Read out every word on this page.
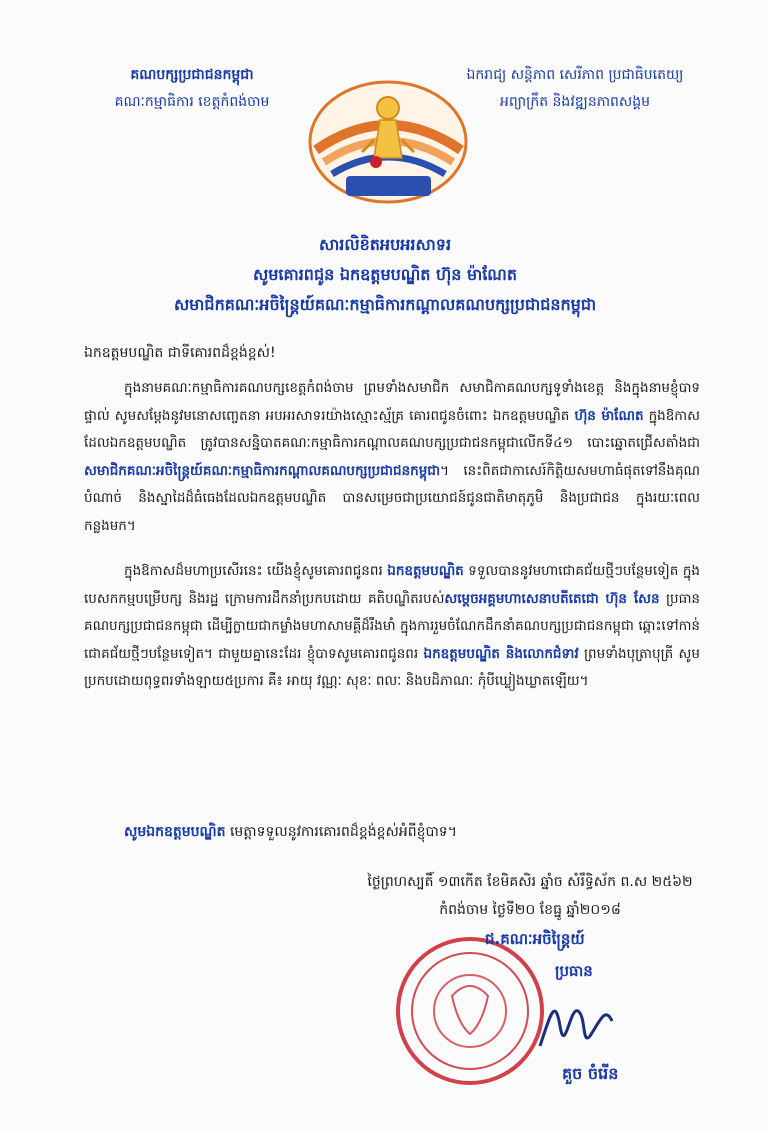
គណបក្សប្រជាជនកម្ពុជា
គណៈកម្មាធិការ ខេត្តកំពង់ចាម
ឯករាជ្យ សន្តិភាព សេរីភាព ប្រជាធិបតេយ្យ
អព្យាក្រឹត និងវឌ្ឍនភាពសង្គម
សារលិខិតអបអរសាទរ
សូមគោរពជូន ឯកឧត្តមបណ្ឌិត ហ៊ុន ម៉ាណែត
សមាជិកគណៈអចិន្ត្រៃយ៍គណៈកម្មាធិការកណ្តាលគណបក្សប្រជាជនកម្ពុជា
ឯកឧត្តមបណ្ឌិត ជាទីគោរពដ៏ខ្ពង់ខ្ពស់!

ក្នុងនាមគណៈកម្មាធិការគណបក្សខេត្តកំពង់ចាម ព្រមទាំងសមាជិក សមាជិកាគណបក្សទូទាំងខេត្ត និងក្នុងនាមខ្ញុំបាទផ្ទាល់ សូមសម្តែងនូវមនោសញ្ចេតនា អបអរសាទរយ៉ាងស្មោះស្ម័គ្រ គោរពជូនចំពោះ ឯកឧត្តមបណ្ឌិត ហ៊ុន ម៉ាណែត ក្នុងឱកាសដែលឯកឧត្តមបណ្ឌិត ត្រូវបានសន្និបាតគណៈកម្មាធិការកណ្តាលគណបក្សប្រជាជនកម្ពុជាលើកទី៤១ បោះឆ្នោតជ្រើសតាំងជាសមាជិកគណៈអចិន្ត្រៃយ៍គណៈកម្មាធិការកណ្តាលគណបក្សប្រជាជនកម្ពុជា។ នេះពិតជាកាសេរ៍កិត្តិយសមហាធំផុតទៅនឹងគុណបំណាច់ និងស្នាដៃដ៏ធំធេងដែលឯកឧត្តមបណ្ឌិត បានសម្រេចជាប្រយោជន៍ជូនជាតិមាតុភូមិ និងប្រជាជន ក្នុងរយៈពេលកន្លងមក។

ក្នុងឱកាសដ៏មហាប្រសើរនេះ យើងខ្ញុំសូមគោរពជូនពរ ឯកឧត្តមបណ្ឌិត ទទួលបាននូវមហាជោគជ័យថ្មីៗបន្ថែមទៀត ក្នុងបេសកកម្មបម្រើបក្ស និងរដ្ឋ ក្រោមការដឹកនាំប្រកបដោយ គតិបណ្ឌិតរបស់សម្តេចអគ្គមហាសេនាបតីតេជោ ហ៊ុន សែន ប្រធានគណបក្សប្រជាជនកម្ពុជា ដើម្បីក្លាយជាកម្លាំងមហាសាមគ្គីដ៏រឹងមាំ ក្នុងការរួមចំណែកដឹកនាំគណបក្សប្រជាជនកម្ពុជា ឆ្ពោះទៅកាន់ជោគជ័យថ្មីៗបន្ថែមទៀត។ ជាមួយគ្នានេះដែរ ខ្ញុំបាទសូមគោរពជូនពរ ឯកឧត្តមបណ្ឌិត និងលោកជំទាវ ព្រមទាំងបុត្រាបុត្រី សូមប្រកបដោយពុទ្ធពរទាំងឡាយ៥ប្រការ គឺ៖ អាយុ វណ្ណៈ សុខៈ ពលៈ និងបដិភាណៈ កុំបីឃ្លៀងឃ្លាតឡើយ។

សូមឯកឧត្តមបណ្ឌិត មេត្តាទទួលនូវការគោរពដ៏ខ្ពង់ខ្ពស់អំពីខ្ញុំបាទ។
ថ្ងៃព្រហស្បតិ៍ ១៣កើត ខែមិគសិរ ឆ្នាំច សំរឹទ្ធិស័ក ព.ស ២៥៦២
កំពង់ចាម ថ្ងៃទី២០ ខែធ្នូ ឆ្នាំ២០១៨
ជ.គណៈអចិន្ត្រៃយ៍
ប្រធាន
គួច ចំរើន
